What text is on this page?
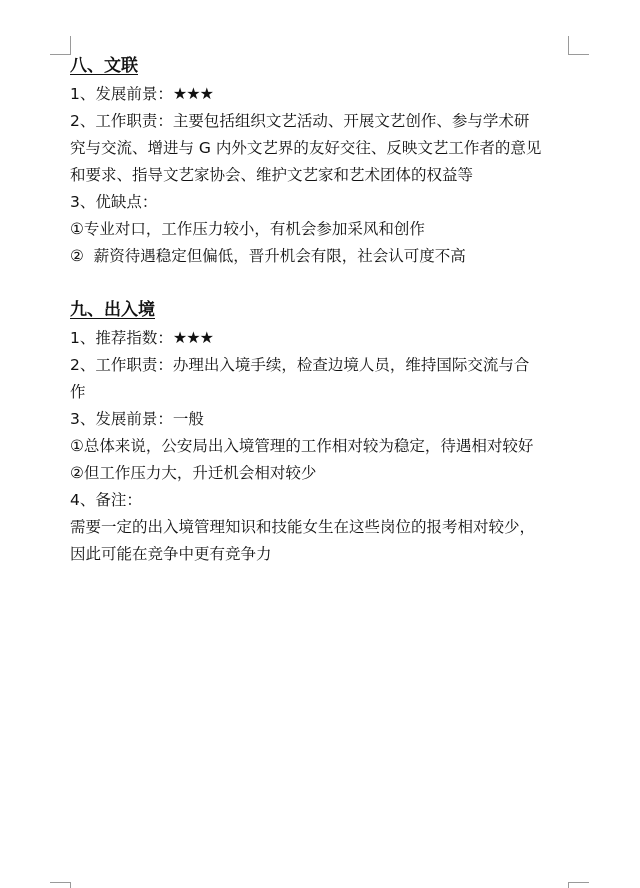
八、文联
1、发展前景：★★★
2、工作职责：主要包括组织文艺活动、开展文艺创作、参与学术研
究与交流、增进与 G 内外文艺界的友好交往、反映文艺工作者的意见
和要求、指导文艺家协会、维护文艺家和艺术团体的权益等
3、优缺点：
①专业对口，工作压力较小，有机会参加采风和创作
②  薪资待遇稳定但偏低，晋升机会有限，社会认可度不高
九、出入境
1、推荐指数：★★★
2、工作职责：办理出入境手续，检查边境人员，维持国际交流与合
作
3、发展前景：一般
①总体来说，公安局出入境管理的工作相对较为稳定，待遇相对较好
②但工作压力大，升迁机会相对较少
4、备注：
需要一定的出入境管理知识和技能女生在这些岗位的报考相对较少，
因此可能在竞争中更有竞争力
